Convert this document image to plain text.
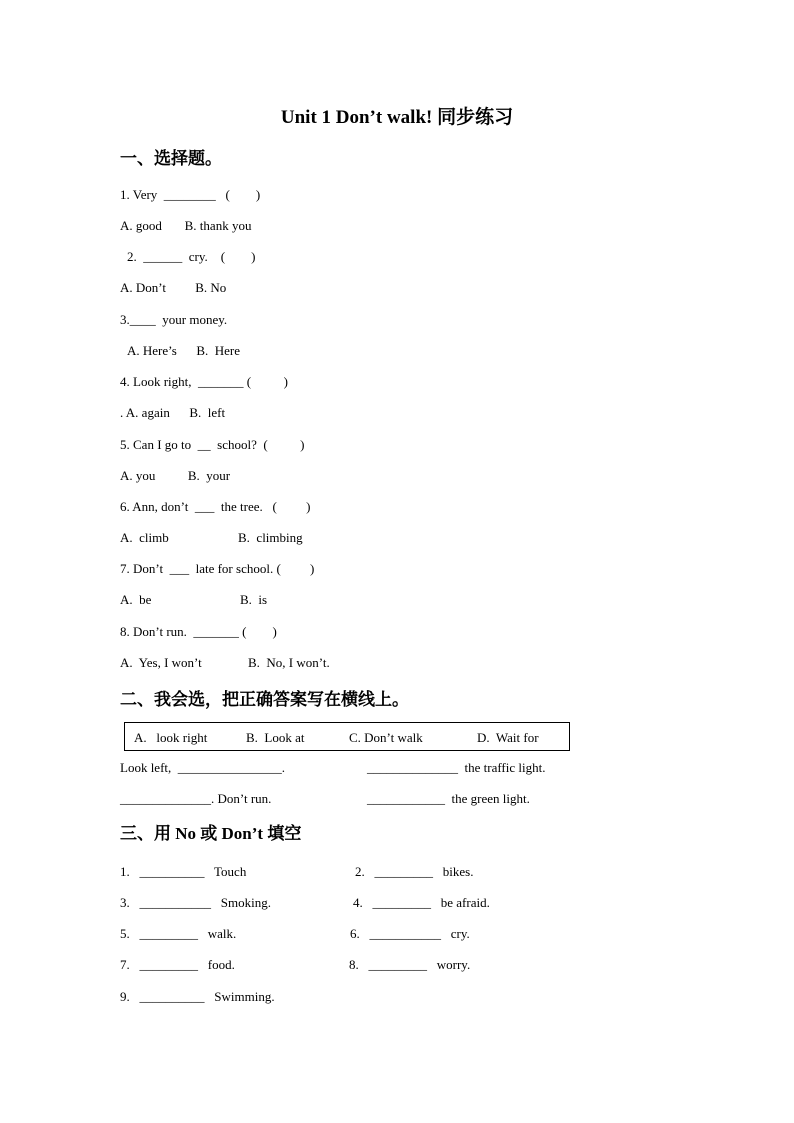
Unit 1 Don’t walk! 同步练习
一、选择题。
1. Very  ________   (        )
A. good       B. thank you
2.  ______  cry.    (        )
A. Don’t         B. No
3.____  your money.
A. Here’s      B.  Here
4. Look right,  _______ (          )
. A. again      B.  left
5. Can I go to  __  school?  (          )
A. you          B.  your
6. Ann, don’t  ___  the tree.   (         )
A.  climb	B.  climbing
7. Don’t  ___  late for school. (         )
A.  be	B.  is
8. Don’t run.  _______ (        )
A.  Yes, I won’t	B.  No, I won’t.
二、我会选，把正确答案写在横线上。
A.   look right	B.  Look at	C. Don’t walk	D.  Wait for
Look left,  ________________.	______________  the traffic light.
______________. Don’t run.	____________  the green light.
三、用 No 或 Don’t 填空
1.   __________   Touch	2.   _________   bikes.
3.   ___________   Smoking.	4.   _________   be afraid.
5.   _________   walk.	6.   ___________   cry.
7.   _________   food.	8.   _________   worry.
9.   __________   Swimming.
